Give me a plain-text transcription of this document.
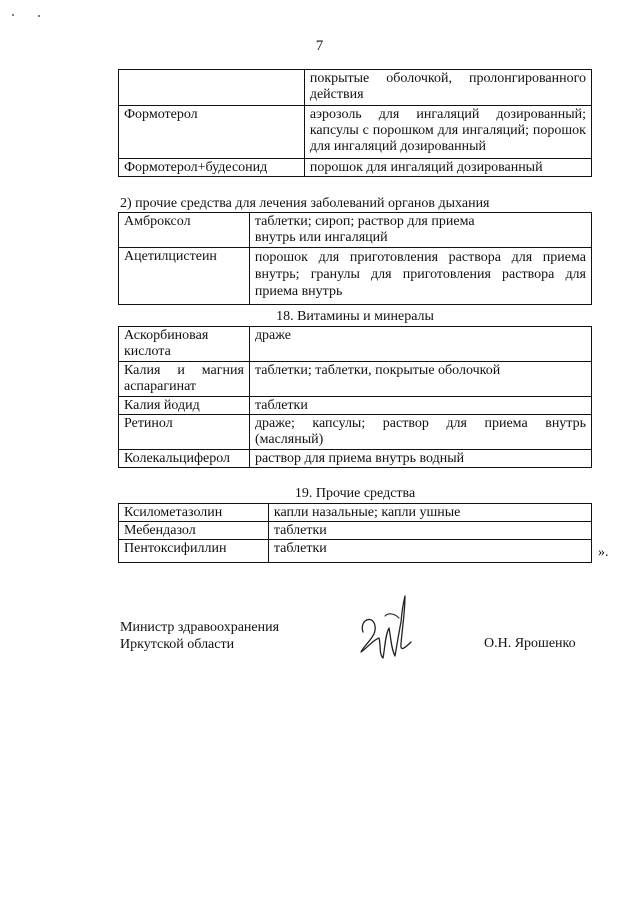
7
	покрытые оболочкой, пролонгированного действия
Формотерол	аэрозоль для ингаляций дозированный; капсулы с порошком для ингаляций; порошок для ингаляций дозированный
Формотерол+будесонид	порошок для ингаляций дозированный
2) прочие средства для лечения заболеваний органов дыхания
Амброксол	таблетки; сироп; раствор для приема
внутрь или ингаляций

Ацетилцистеин	порошок для приготовления раствора для приема внутрь; гранулы для приготовления раствора для приема внутрь
18. Витамины и минералы
Аскорбиновая кислота	драже
Калия и магния аспарагинат	таблетки; таблетки, покрытые оболочкой
Калия йодид	таблетки
Ретинол	драже; капсулы; раствор для приема внутрь (масляный)
Колекальциферол	раствор для приема внутрь водный
19. Прочие средства
Ксилометазолин	капли назальные; капли ушные
Мебендазол	таблетки
Пентоксифиллин	таблетки	».
Министр здравоохранения
Иркутской области	О.Н. Ярошенко
